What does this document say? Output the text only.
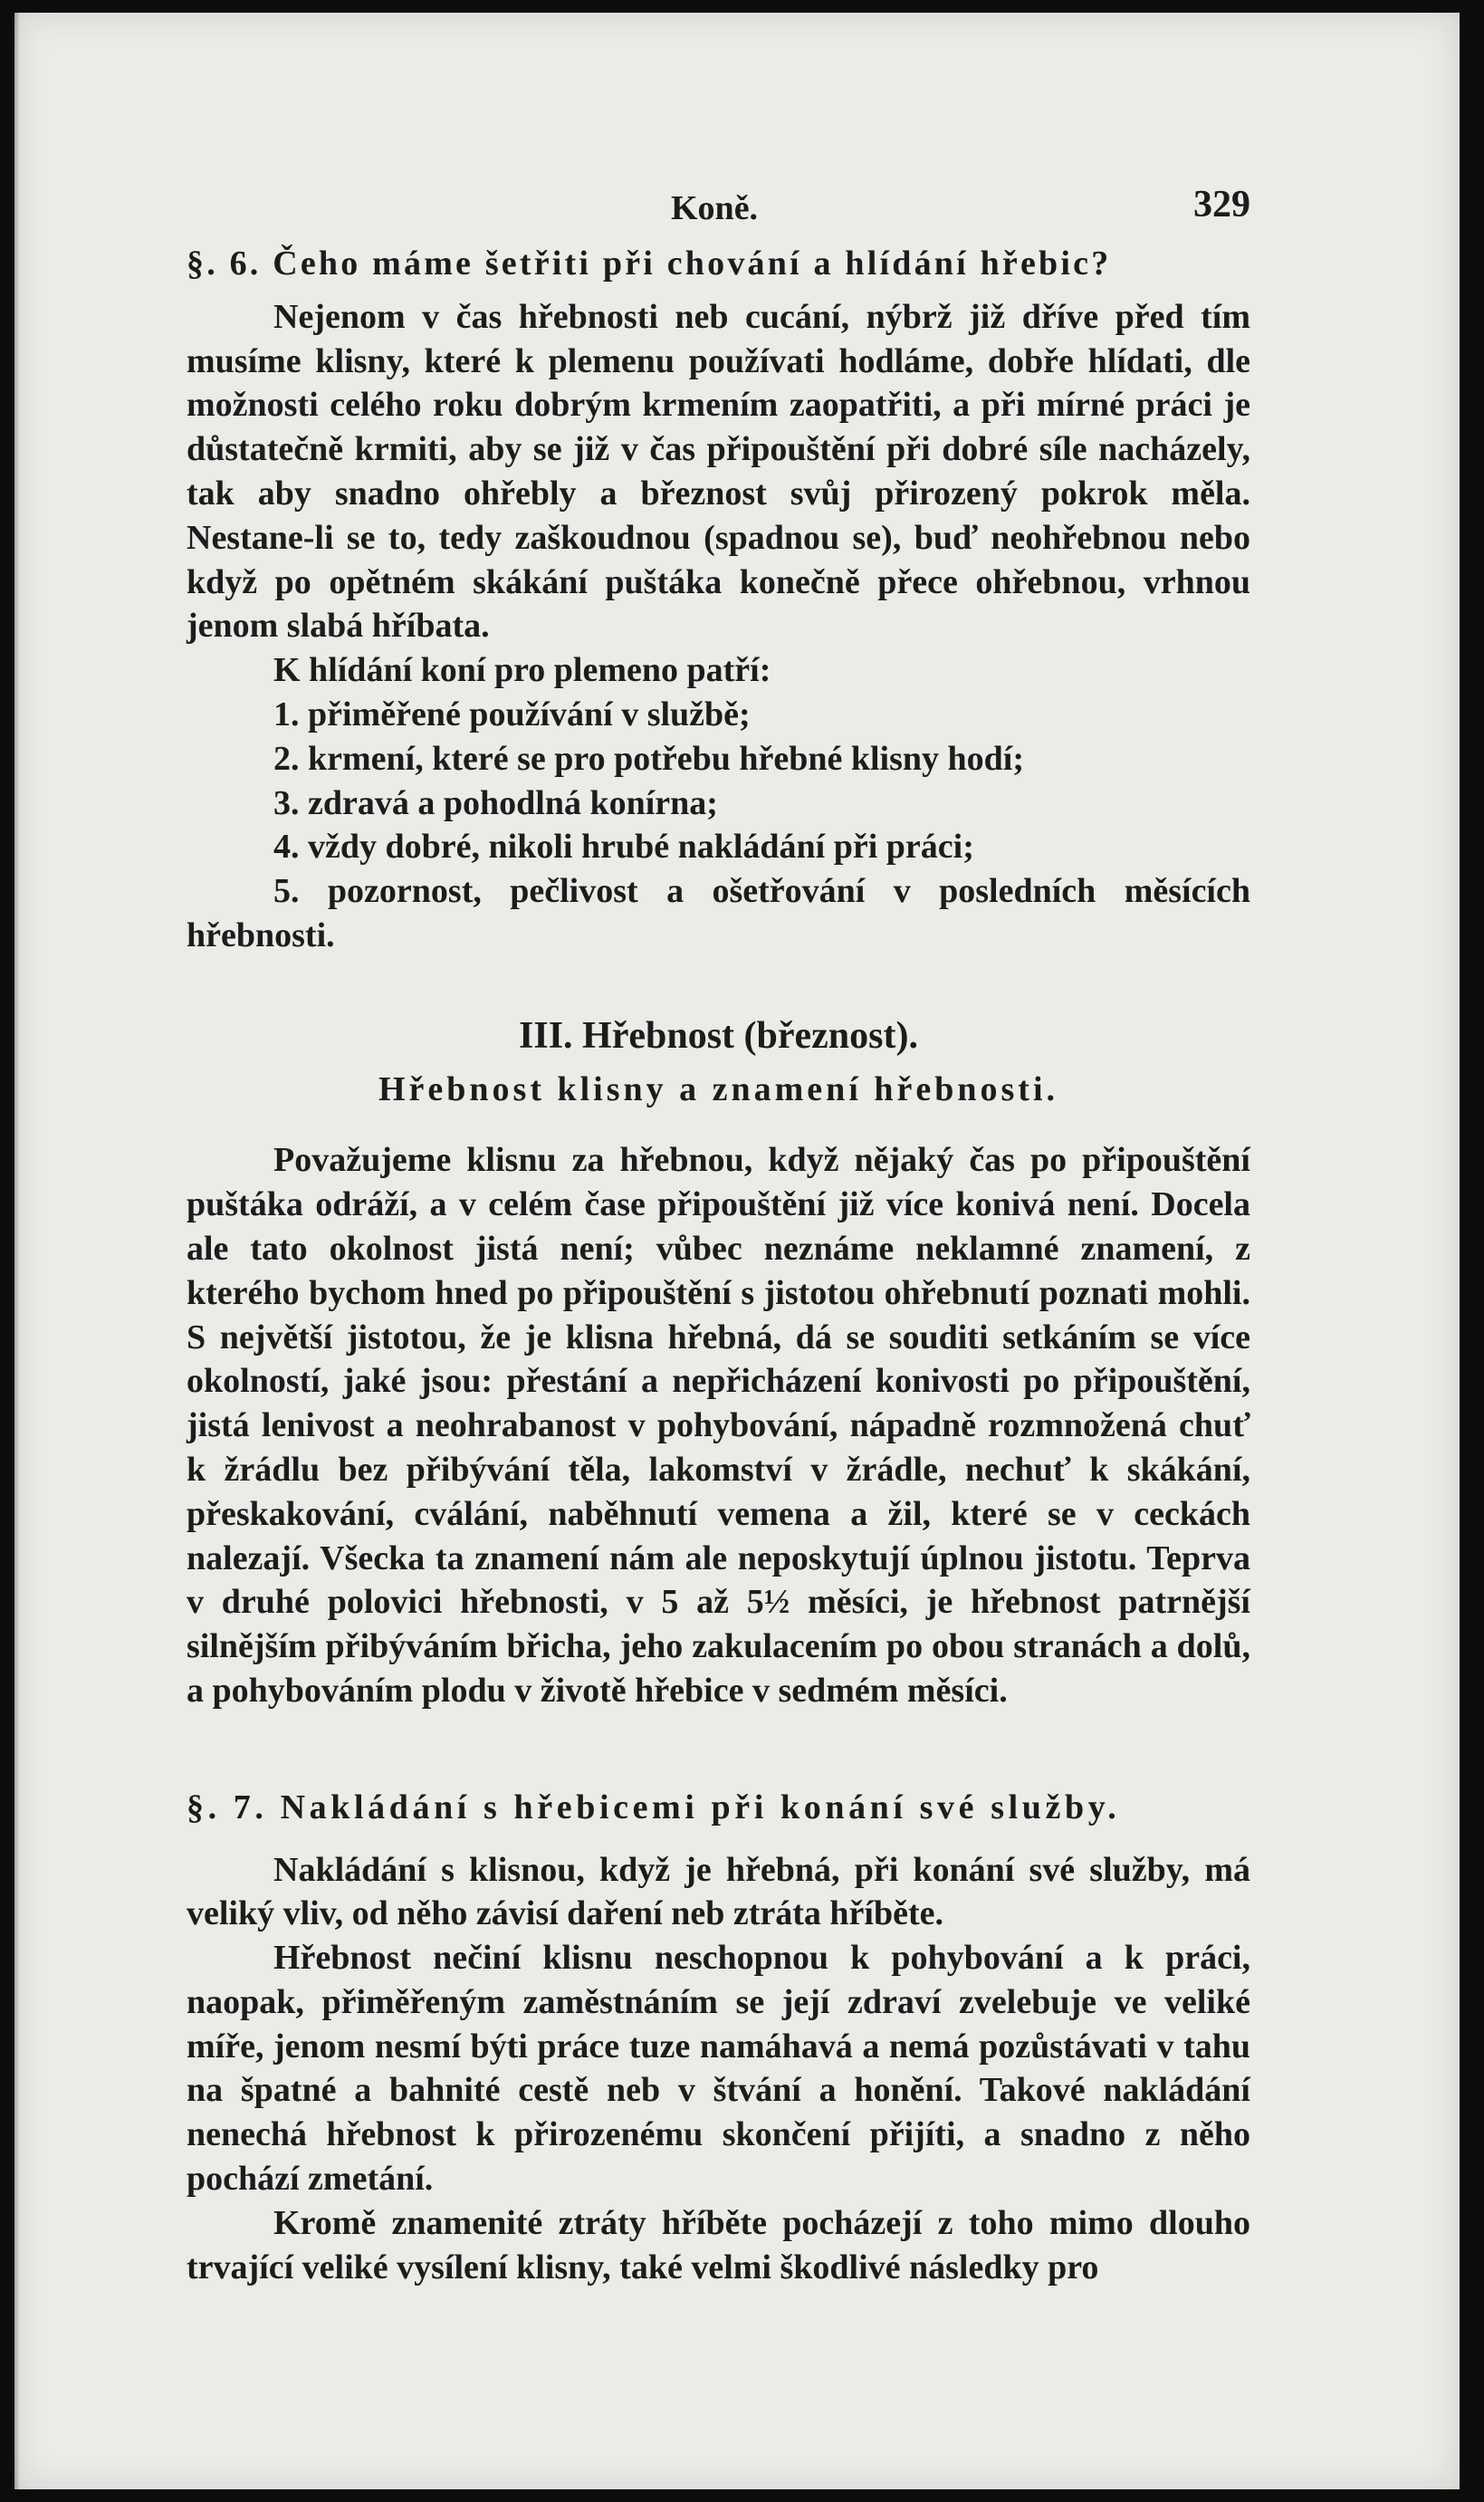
Koně.	329
§. 6. Čeho máme šetřiti při chování a hlídání hřebic?

Nejenom v čas hřebnosti neb cucání, nýbrž již dříve před tím musíme klisny, které k plemenu používati hodláme, dobře hlídati, dle možnosti celého roku dobrým krmením zaopatřiti, a při mírné práci je důstatečně krmiti, aby se již v čas připouštění při dobré síle nacházely, tak aby snadno ohřebly a březnost svůj přirozený pokrok měla. Nestane-li se to, tedy zaškoudnou (spadnou se), buď neohřebnou nebo když po opětném skákání puštáka konečně přece ohřebnou, vrhnou jenom slabá hříbata.

K hlídání koní pro plemeno patří:

1. přiměřené používání v službě;
2. krmení, které se pro potřebu hřebné klisny hodí;
3. zdravá a pohodlná konírna;
4. vždy dobré, nikoli hrubé nakládání při práci;

5. pozornost, pečlivost a ošetřování v posledních měsících hřebnosti.

III. Hřebnost (březnost).
Hřebnost klisny a znamení hřebnosti.

Považujeme klisnu za hřebnou, když nějaký čas po připouštění puštáka odráží, a v celém čase připouštění již více konivá není. Docela ale tato okolnost jistá není; vůbec neznáme neklamné znamení, z kterého bychom hned po připouštění s jistotou ohřebnutí poznati mohli. S největší jistotou, že je klisna hřebná, dá se souditi setkáním se více okolností, jaké jsou: přestání a nepřicházení konivosti po připouštění, jistá lenivost a neohrabanost v pohybování, nápadně rozmnožená chuť k žrádlu bez přibývání těla, lakomství v žrádle, nechuť k skákání, přeskakování, cválání, naběhnutí vemena a žil, které se v ceckách nalezají. Všecka ta znamení nám ale neposkytují úplnou jistotu. Teprva v druhé polovici hřebnosti, v 5 až 5½ měsíci, je hřebnost patrnější silnějším přibýváním břicha, jeho zakulacením po obou stranách a dolů, a pohybováním plodu v životě hřebice v sedmém měsíci.

§. 7. Nakládání s hřebicemi při konání své služby.

Nakládání s klisnou, když je hřebná, při konání své služby, má veliký vliv, od něho závisí daření neb ztráta hříběte.

Hřebnost nečiní klisnu neschopnou k pohybování a k práci, naopak, přiměřeným zaměstnáním se její zdraví zvelebuje ve veliké míře, jenom nesmí býti práce tuze namáhavá a nemá pozůstávati v tahu na špatné a bahnité cestě neb v štvání a honění. Takové nakládání nenechá hřebnost k přirozenému skončení přijíti, a snadno z něho pochází zmetání.

Kromě znamenité ztráty hříběte pocházejí z toho mimo dlouho trvající veliké vysílení klisny, také velmi škodlivé následky pro
